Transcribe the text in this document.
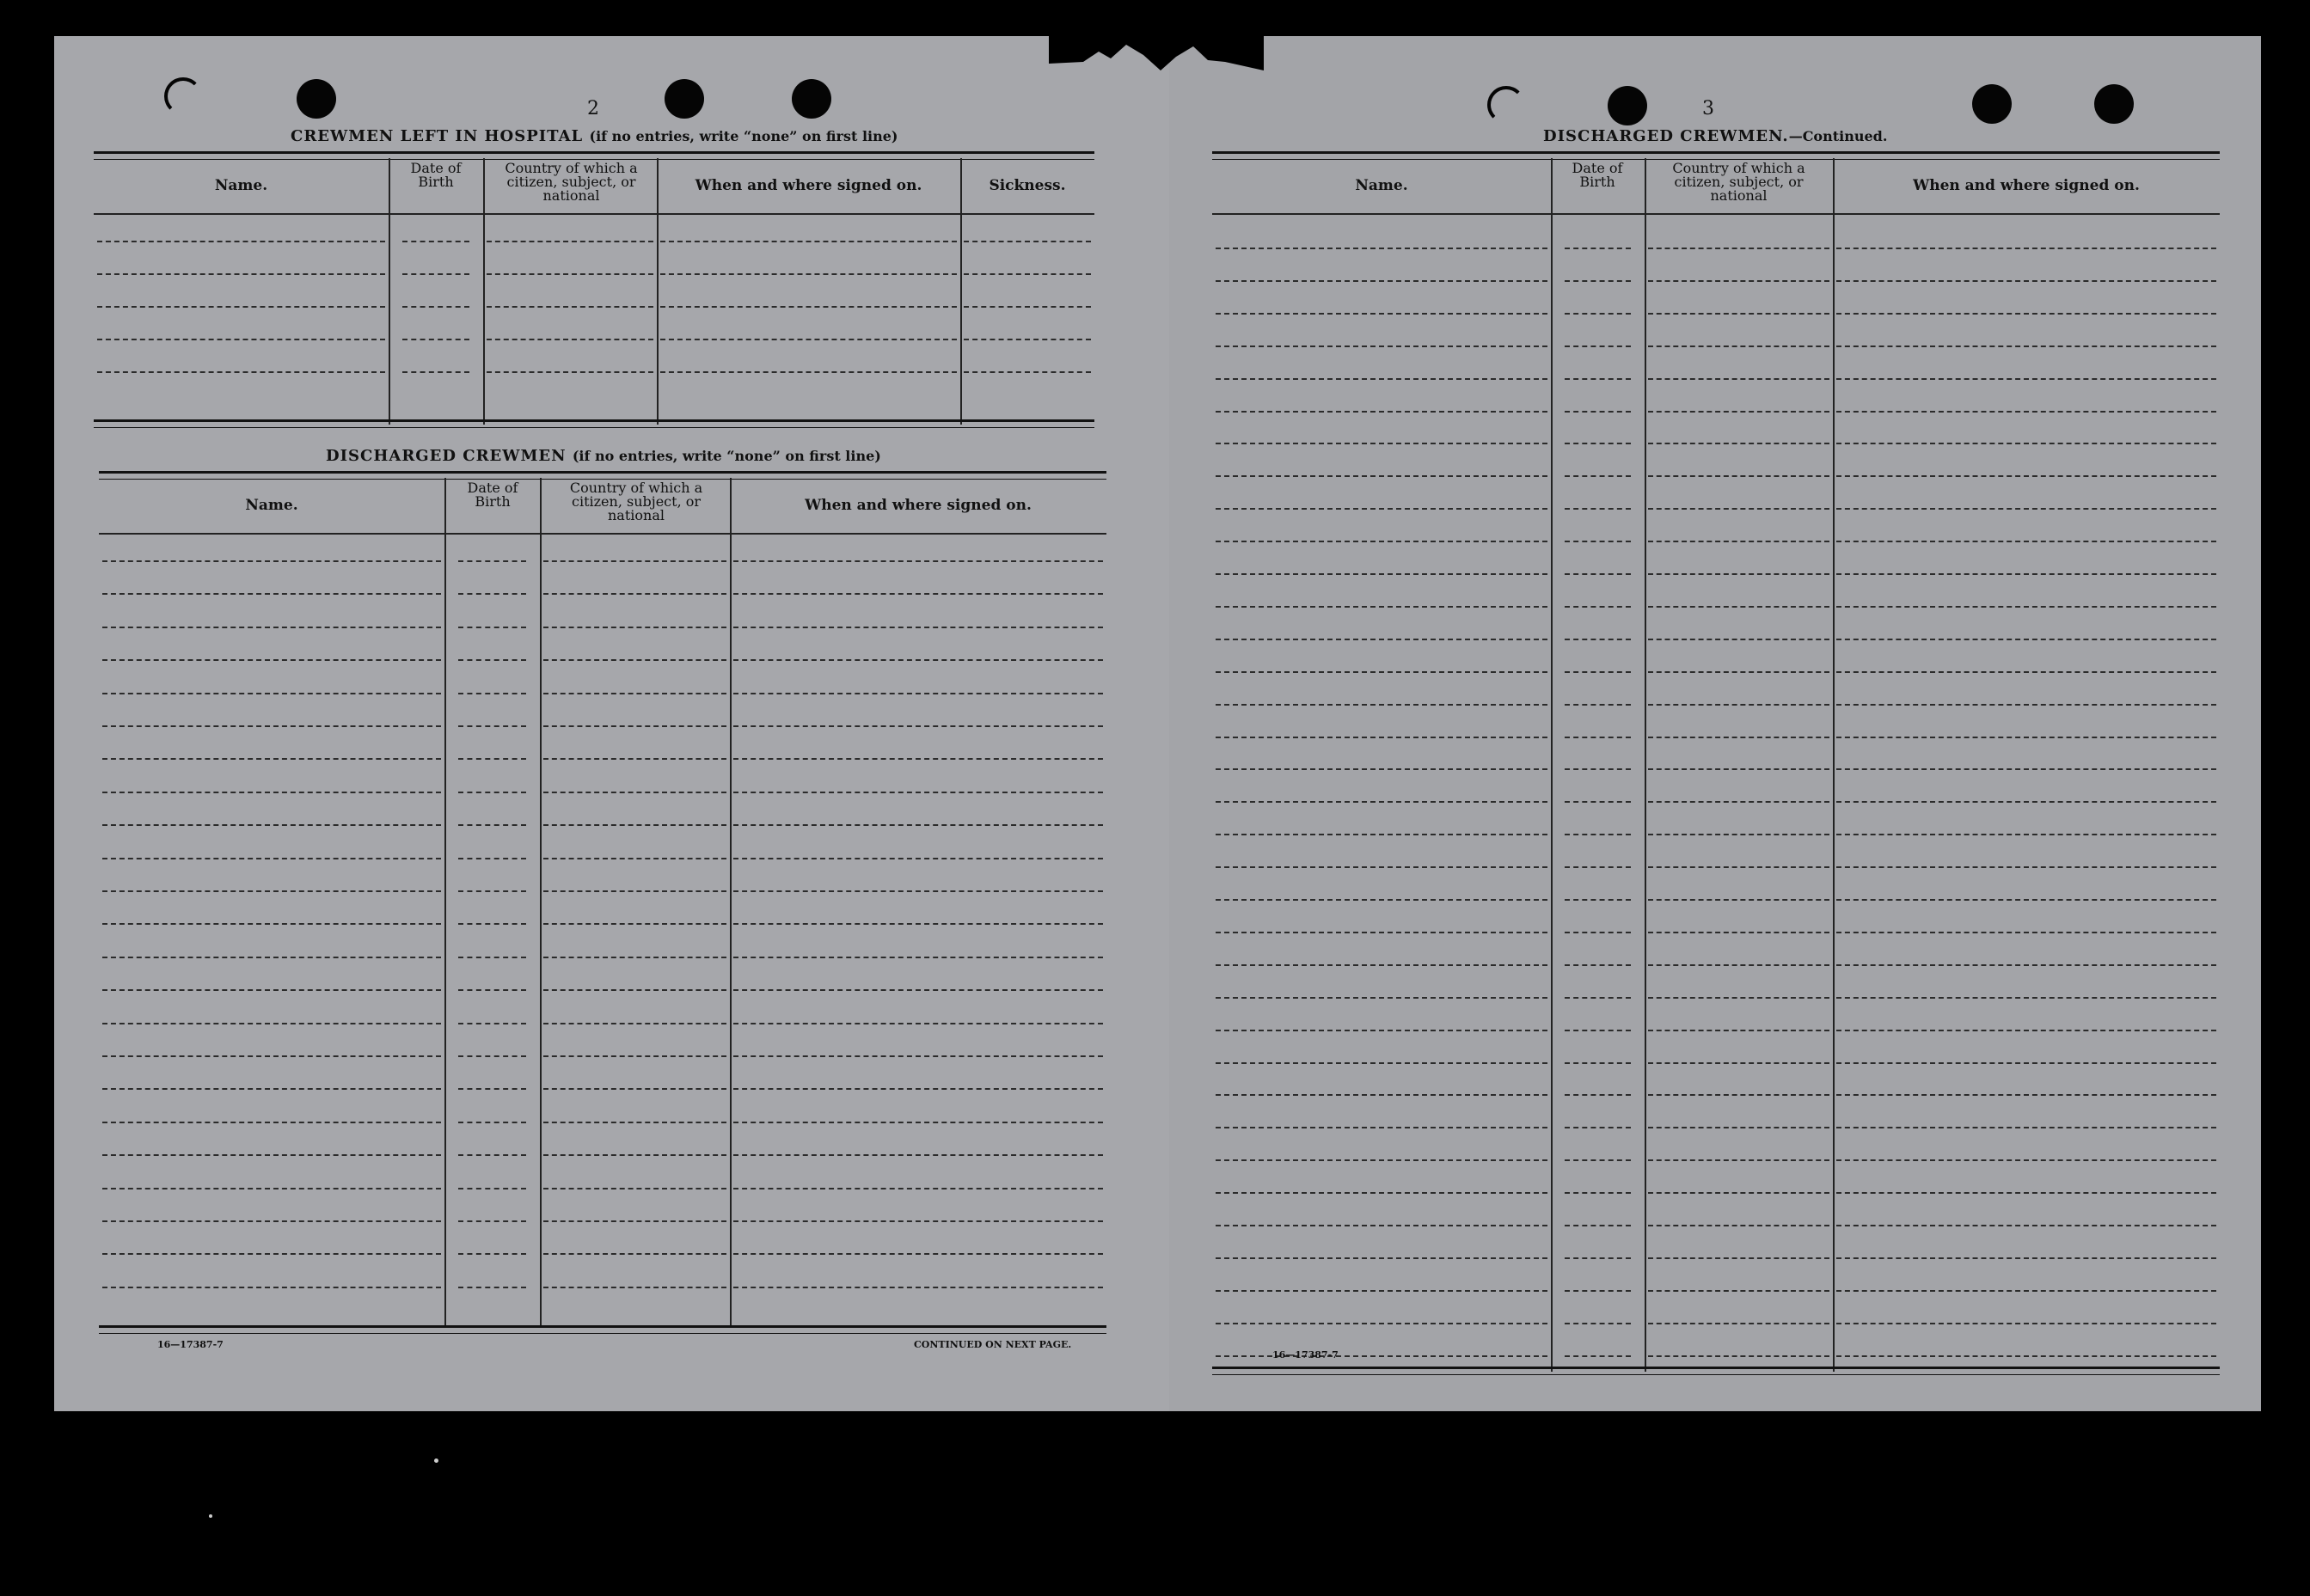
2
CREWMEN LEFT IN HOSPITAL (if no entries, write “none” on first line)
Name.
Date of Birth
Country of which a citizen, subject, or national
When and where signed on.	Sickness.
DISCHARGED CREWMEN (if no entries, write “none” on first line)
Name.
Date of Birth
Country of which a citizen, subject, or national
When and where signed on.
16—17387-7	CONTINUED ON NEXT PAGE.
3
DISCHARGED CREWMEN.—Continued.
Name.
Date of Birth
Country of which a citizen, subject, or national
When and where signed on.
16—17387-7
